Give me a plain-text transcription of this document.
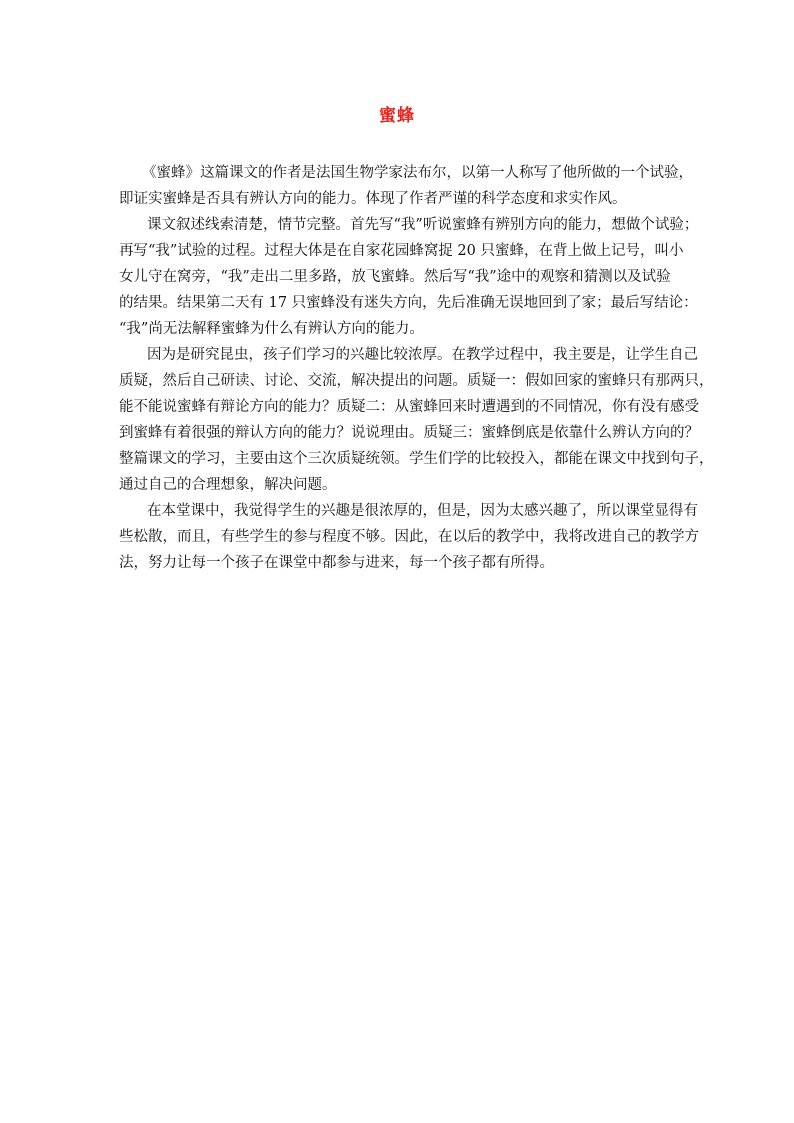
蜜蜂
《蜜蜂》这篇课文的作者是法国生物学家法布尔，以第一人称写了他所做的一个试验，
即证实蜜蜂是否具有辨认方向的能力。体现了作者严谨的科学态度和求实作风。
课文叙述线索清楚，情节完整。首先写“我”听说蜜蜂有辨别方向的能力，想做个试验；
再写“我”试验的过程。过程大体是在自家花园蜂窝捉 20 只蜜蜂，在背上做上记号，叫小
女儿守在窝旁，“我”走出二里多路，放飞蜜蜂。然后写“我”途中的观察和猜测以及试验
的结果。结果第二天有 17 只蜜蜂没有迷失方向，先后准确无误地回到了家；最后写结论：
“我”尚无法解释蜜蜂为什么有辨认方向的能力。
因为是研究昆虫，孩子们学习的兴趣比较浓厚。在教学过程中，我主要是，让学生自己
质疑，然后自己研读、讨论、交流，解决提出的问题。质疑一：假如回家的蜜蜂只有那两只，
能不能说蜜蜂有辩论方向的能力？质疑二：从蜜蜂回来时遭遇到的不同情况，你有没有感受
到蜜蜂有着很强的辩认方向的能力？说说理由。质疑三：蜜蜂倒底是依靠什么辨认方向的？
整篇课文的学习，主要由这个三次质疑统领。学生们学的比较投入，都能在课文中找到句子，
通过自己的合理想象，解决问题。
在本堂课中，我觉得学生的兴趣是很浓厚的，但是，因为太感兴趣了，所以课堂显得有
些松散，而且，有些学生的参与程度不够。因此，在以后的教学中，我将改进自己的教学方
法，努力让每一个孩子在课堂中都参与进来，每一个孩子都有所得。
